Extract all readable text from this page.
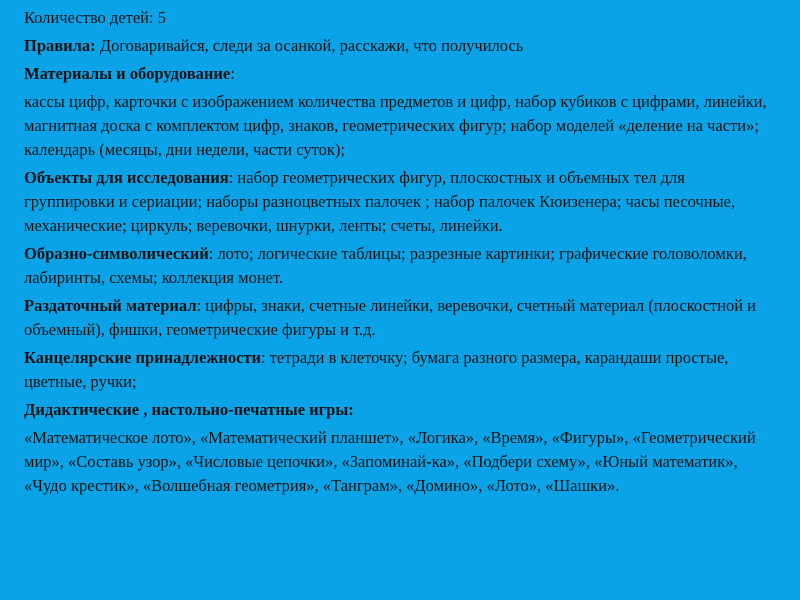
Количество детей: 5

Правила: Договаривайся, следи за осанкой, расскажи, что получилось

Материалы и оборудование:

кассы цифр, карточки с изображением количества предметов и цифр, набор кубиков с цифрами, линейки, магнитная доска с комплектом цифр, знаков, геометрических фигур; набор моделей «деление на части»; календарь (месяцы, дни недели, части суток);

Объекты для исследования: набор геометрических фигур, плоскостных и объемных тел для группировки и сериации; наборы разноцветных палочек ; набор палочек Кюизенера; часы песочные, механические; циркуль; веревочки, шнурки, ленты; счеты, линейки.

Образно-символический: лото; логические таблицы; разрезные картинки; графические головоломки, лабиринты, схемы; коллекция монет.

Раздаточный материал: цифры, знаки, счетные линейки, веревочки, счетный материал (плоскостной и объемный), фишки, геометрические фигуры и т.д.

Канцелярские принадлежности: тетради в клеточку; бумага разного размера, карандаши простые, цветные, ручки;

Дидактические , настольно-печатные игры:

«Математическое лото», «Математический планшет», «Логика», «Время», «Фигуры», «Геометрический мир», «Составь узор», «Числовые цепочки», «Запоминай-ка», «Подбери схему», «Юный математик», «Чудо крестик», «Волшебная геометрия», «Танграм», «Домино», «Лото», «Шашки».
